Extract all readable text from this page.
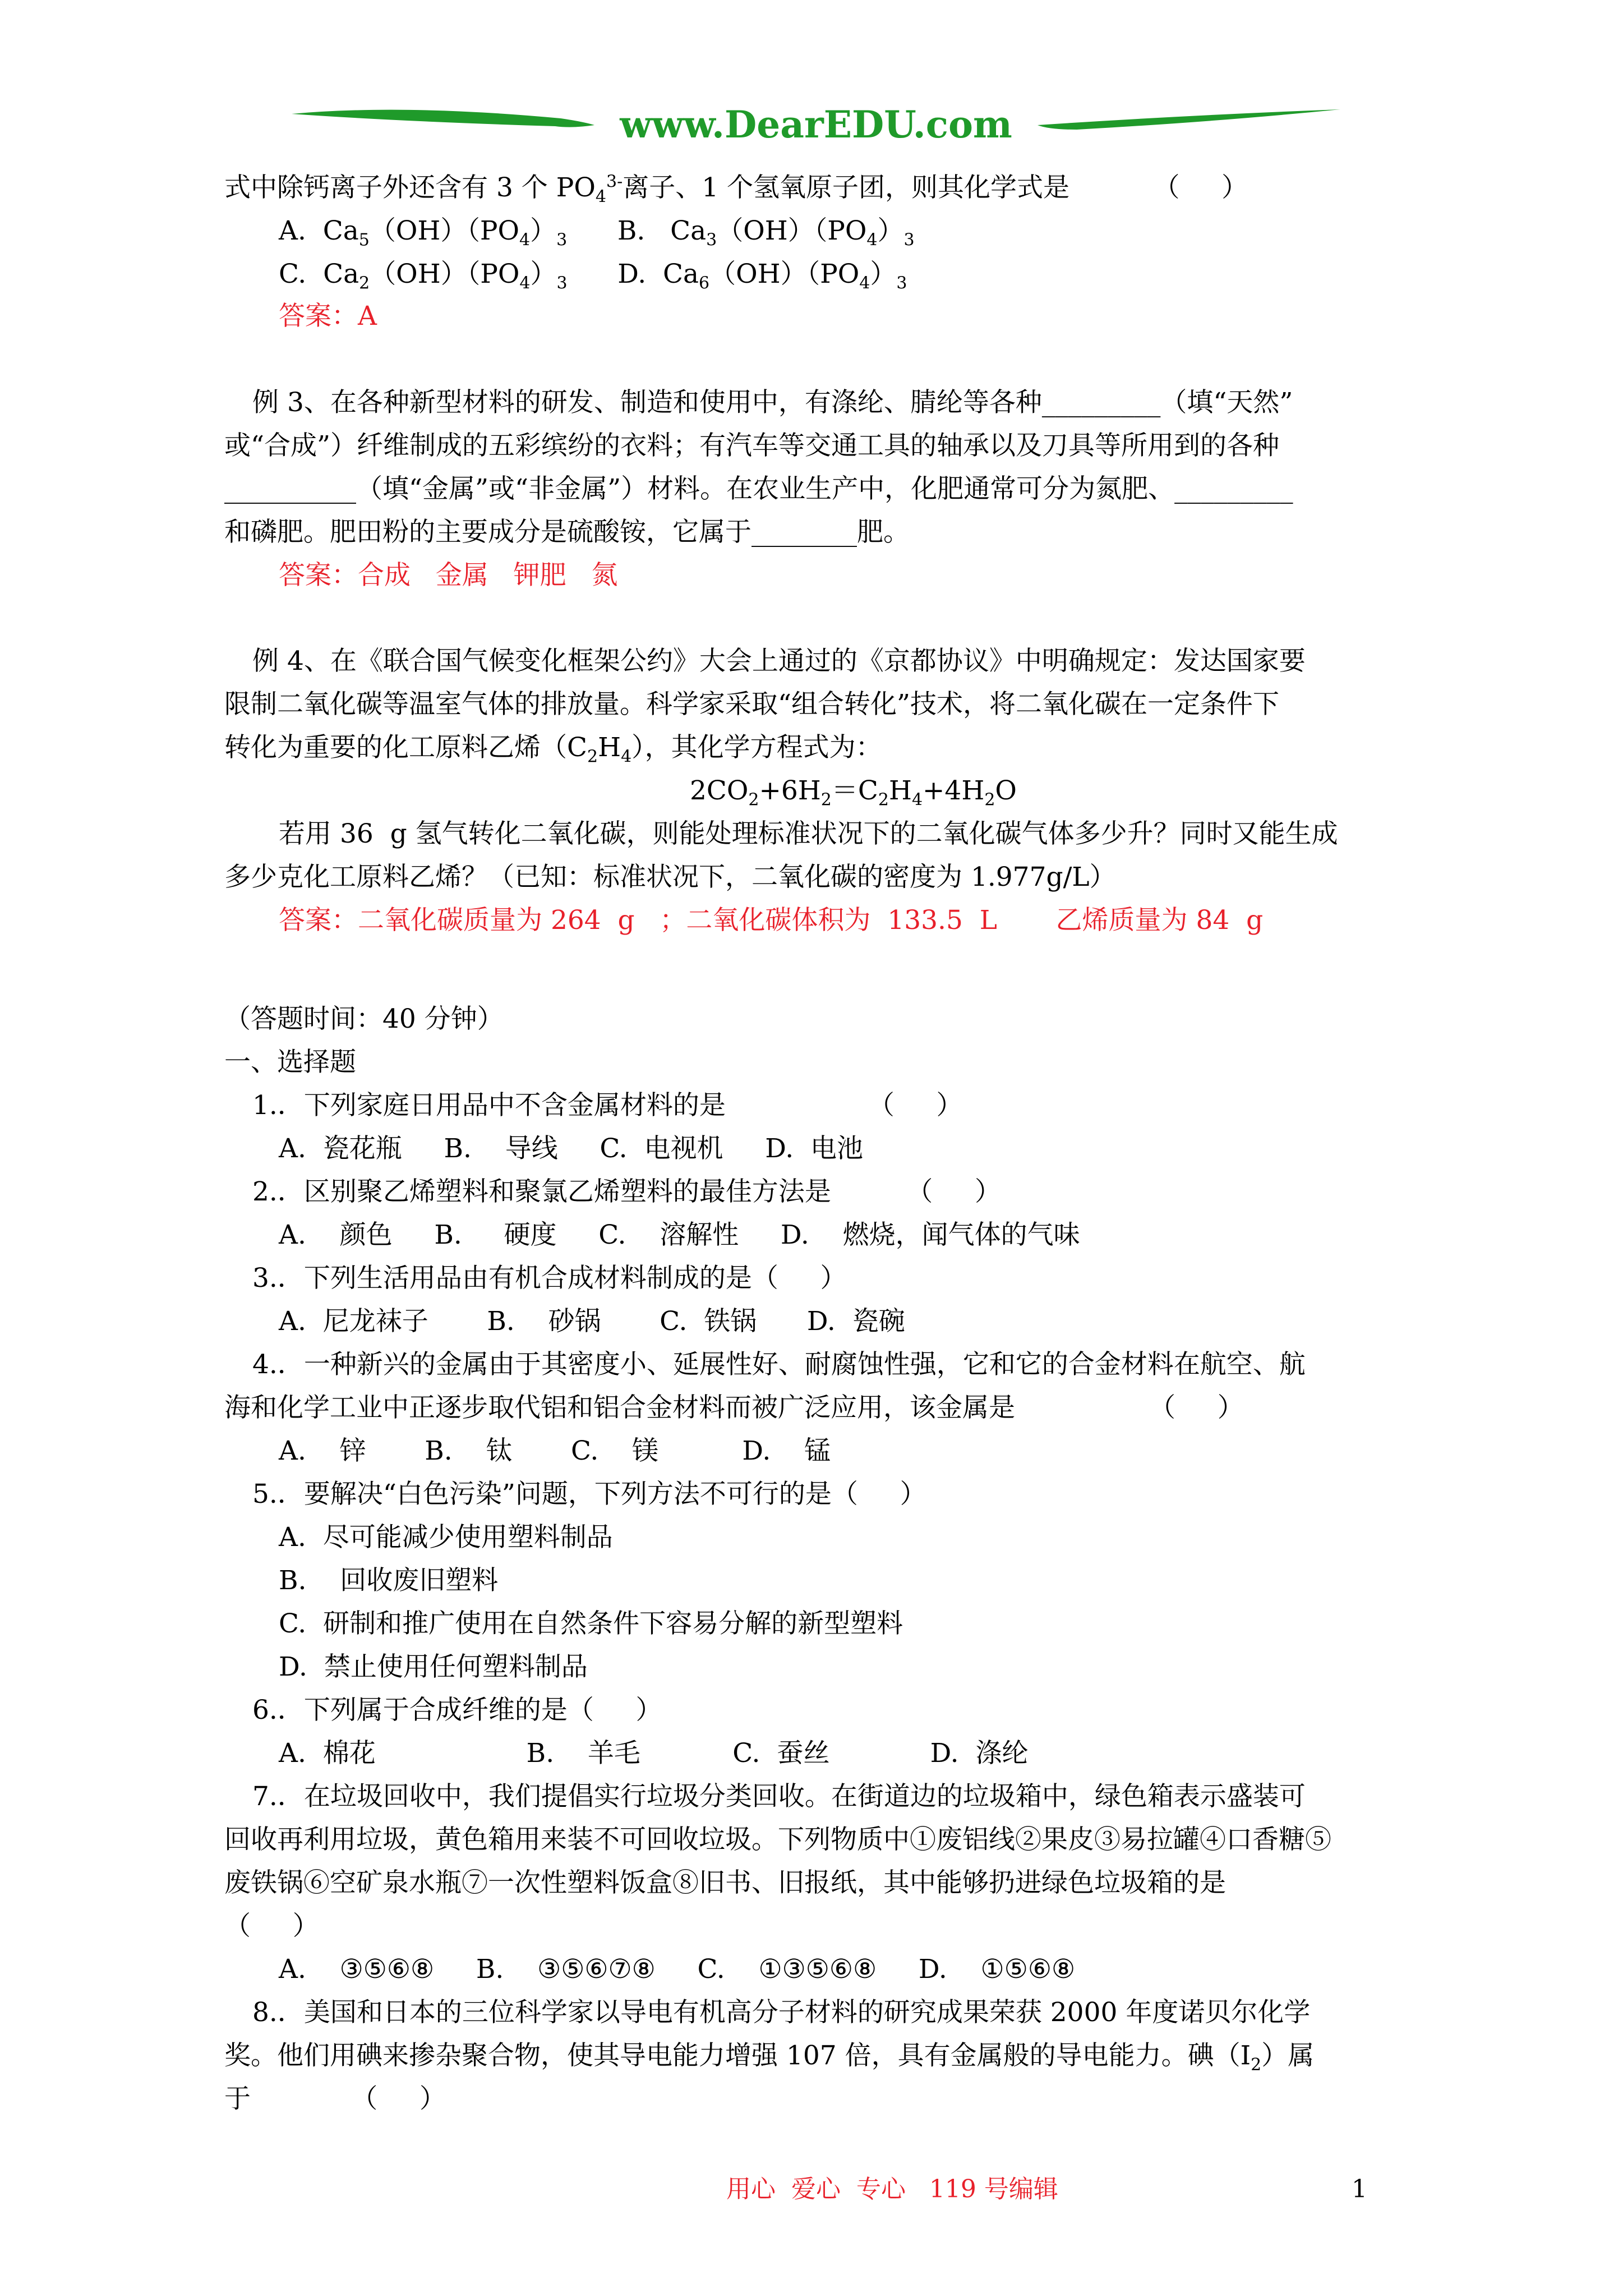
www.DearEDU.com
式中除钙离子外还含有 3 个 $PO_4^{3-}$离子、1 个氢氧原子团，则其化学式是          （     ）
A.  $Ca_5(OH)(PO_4)_3$      B.   $Ca_3(OH)(PO_4)_3$
C.  $Ca_2(OH)(PO_4)_3$      D.  $Ca_6(OH)(PO_4)_3$
答案：A
例 3、在各种新型材料的研发、制造和使用中，有涤纶、腈纶等各种_________（填“天然”
或“合成”）纤维制成的五彩缤纷的衣料；有汽车等交通工具的轴承以及刀具等所用到的各种
__________（填“金属”或“非金属”）材料。在农业生产中，化肥通常可分为氮肥、_________
和磷肥。肥田粉的主要成分是硫酸铵，它属于________肥。
答案：合成   金属   钾肥   氮
例 4、在《联合国气候变化框架公约》大会上通过的《京都协议》中明确规定：发达国家要
限制二氧化碳等温室气体的排放量。科学家采取“组合转化”技术，将二氧化碳在一定条件下
转化为重要的化工原料乙烯$(C_2H_4)$，其化学方程式为：
$2CO_2+6H_2=C_2H_4+4H_2O$
若用 36  g 氢气转化二氧化碳，则能处理标准状况下的二氧化碳气体多少升？同时又能生成
多少克化工原料乙烯？（已知：标准状况下，二氧化碳的密度为 1.977g/L）
答案：二氧化碳质量为 264  g   ；二氧化碳体积为  133.5  L       乙烯质量为 84  g
（答题时间：40 分钟）
一、选择题
1.．下列家庭日用品中不含金属材料的是                 （     ）
A.  瓷花瓶     B.    导线     C.  电视机     D.  电池
2.．区别聚乙烯塑料和聚氯乙烯塑料的最佳方法是         （     ）
A.    颜色     B.     硬度     C.    溶解性     D.    燃烧，闻气体的气味
3.．下列生活用品由有机合成材料制成的是（     ）
A.  尼龙袜子       B.    砂锅       C.  铁锅      D.  瓷碗
4.．一种新兴的金属由于其密度小、延展性好、耐腐蚀性强，它和它的合金材料在航空、航
海和化学工业中正逐步取代铝和铝合金材料而被广泛应用，该金属是                （     ）
A.    锌       B.    钛       C.    镁          D.    锰
5.．要解决“白色污染”问题，下列方法不可行的是（     ）
A.  尽可能减少使用塑料制品
B.    回收废旧塑料
C.  研制和推广使用在自然条件下容易分解的新型塑料
D.  禁止使用任何塑料制品
6.．下列属于合成纤维的是（     ）
A.  棉花                  B.    羊毛           C.  蚕丝            D.  涤纶
7.．在垃圾回收中，我们提倡实行垃圾分类回收。在街道边的垃圾箱中，绿色箱表示盛装可
回收再利用垃圾，黄色箱用来装不可回收垃圾。下列物质中①废铝线②果皮③易拉罐④口香糖⑤
废铁锅⑥空矿泉水瓶⑦一次性塑料饭盒⑧旧书、旧报纸，其中能够扔进绿色垃圾箱的是
（     ）
A.    ③⑤⑥⑧     B.    ③⑤⑥⑦⑧     C.    ①③⑤⑥⑧     D.    ①⑤⑥⑧
8.．美国和日本的三位科学家以导电有机高分子材料的研究成果荣获 2000 年度诺贝尔化学
奖。他们用碘来掺杂聚合物，使其导电能力增强 107 倍，具有金属般的导电能力。碘$(I_2)$属
于            （     ）
用心  爱心  专心   119 号编辑	1
